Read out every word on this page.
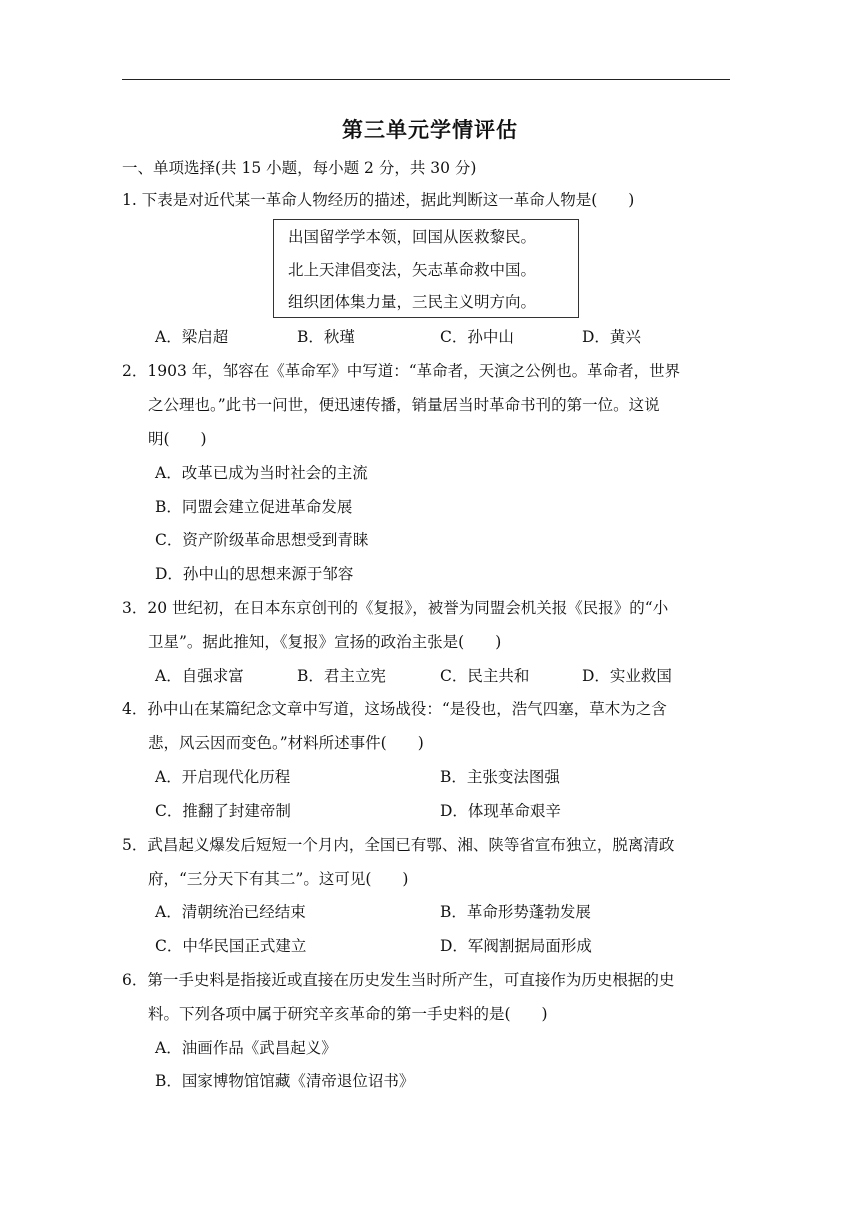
第三单元学情评估
一、单项选择(共 15 小题，每小题 2 分，共 30 分)
1. 下表是对近代某一革命人物经历的描述，据此判断这一革命人物是(　　)
出国留学学本领，回国从医救黎民。
北上天津倡变法，矢志革命救中国。
组织团体集力量，三民主义明方向。
A．梁启超	B．秋瑾	C．孙中山	D．黄兴
2．1903 年，邹容在《革命军》中写道：“革命者，天演之公例也。革命者，世界
之公理也。”此书一问世，便迅速传播，销量居当时革命书刊的第一位。这说
明(　　)
A．改革已成为当时社会的主流
B．同盟会建立促进革命发展
C．资产阶级革命思想受到青睐
D．孙中山的思想来源于邹容
3．20 世纪初，在日本东京创刊的《复报》，被誉为同盟会机关报《民报》的“小
卫星”。据此推知，《复报》宣扬的政治主张是(　　)
A．自强求富	B．君主立宪	C．民主共和	D．实业救国
4．孙中山在某篇纪念文章中写道，这场战役：“是役也，浩气四塞，草木为之含
悲，风云因而变色。”材料所述事件(　　)
A．开启现代化历程	B．主张变法图强
C．推翻了封建帝制	D．体现革命艰辛
5．武昌起义爆发后短短一个月内，全国已有鄂、湘、陕等省宣布独立，脱离清政
府，“三分天下有其二”。这可见(　　)
A．清朝统治已经结束	B．革命形势蓬勃发展
C．中华民国正式建立	D．军阀割据局面形成
6．第一手史料是指接近或直接在历史发生当时所产生，可直接作为历史根据的史
料。下列各项中属于研究辛亥革命的第一手史料的是(　　)
A．油画作品《武昌起义》
B．国家博物馆馆藏《清帝退位诏书》
